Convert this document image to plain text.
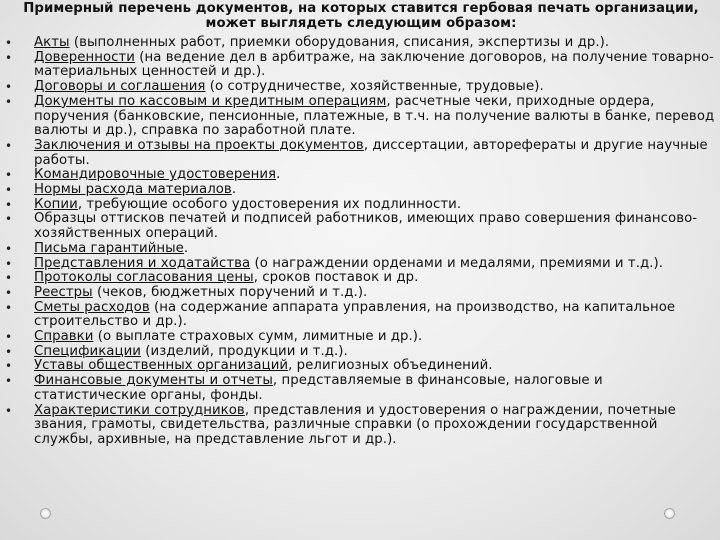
Примерный перечень документов, на которых ставится гербовая печать организации,
может выглядеть следующим образом:
• Акты (выполненных работ, приемки оборудования, списания, экспертизы и др.).
• Доверенности (на ведение дел в арбитраже, на заключение договоров, на получение товарно-материальных ценностей и др.).
• Договоры и соглашения (о сотрудничестве, хозяйственные, трудовые).
• Документы по кассовым и кредитным операциям, расчетные чеки, приходные ордера, поручения (банковские, пенсионные, платежные, в т.ч. на получение валюты в банке, перевод валюты и др.), справка по заработной плате.
• Заключения и отзывы на проекты документов, диссертации, авторефераты и другие научные работы.
• Командировочные удостоверения.
• Нормы расхода материалов.
• Копии, требующие особого удостоверения их подлинности.
• Образцы оттисков печатей и подписей работников, имеющих право совершения финансово-хозяйственных операций.
• Письма гарантийные.
• Представления и ходатайства (о награждении орденами и медалями, премиями и т.д.).
• Протоколы согласования цены, сроков поставок и др.
• Реестры (чеков, бюджетных поручений и т.д.).
• Сметы расходов (на содержание аппарата управления, на производство, на капитальное строительство и др.).
• Справки (о выплате страховых сумм, лимитные и др.).
• Спецификации (изделий, продукции и т.д.).
• Уставы общественных организаций, религиозных объединений.
• Финансовые документы и отчеты, представляемые в финансовые, налоговые и статистические органы, фонды.
• Характеристики сотрудников, представления и удостоверения о награждении, почетные звания, грамоты, свидетельства, различные справки (о прохождении государственной службы, архивные, на представление льгот и др.).
